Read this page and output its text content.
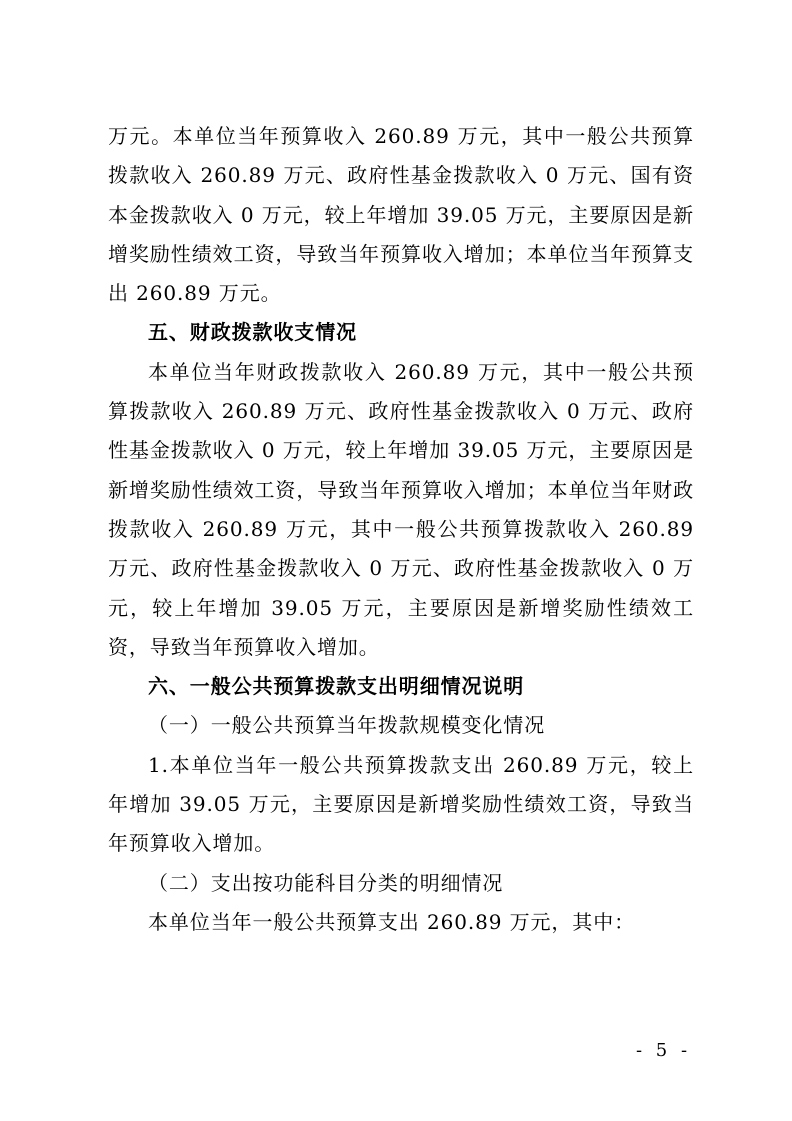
万元。本单位当年预算收入 260.89 万元，其中一般公共预算拨款收入 260.89 万元、政府性基金拨款收入 0 万元、国有资本金拨款收入 0 万元，较上年增加 39.05 万元，主要原因是新增奖励性绩效工资，导致当年预算收入增加；本单位当年预算支出 260.89 万元。

五、财政拨款收支情况

本单位当年财政拨款收入 260.89 万元，其中一般公共预算拨款收入 260.89 万元、政府性基金拨款收入 0 万元、政府性基金拨款收入 0 万元，较上年增加 39.05 万元，主要原因是新增奖励性绩效工资，导致当年预算收入增加；本单位当年财政拨款收入 260.89 万元，其中一般公共预算拨款收入 260.89 万元、政府性基金拨款收入 0 万元、政府性基金拨款收入 0 万元，较上年增加 39.05 万元，主要原因是新增奖励性绩效工资，导致当年预算收入增加。

六、一般公共预算拨款支出明细情况说明

（一）一般公共预算当年拨款规模变化情况

1.本单位当年一般公共预算拨款支出 260.89 万元，较上年增加 39.05 万元，主要原因是新增奖励性绩效工资，导致当年预算收入增加。

（二）支出按功能科目分类的明细情况

本单位当年一般公共预算支出 260.89 万元，其中：

- 5 -
